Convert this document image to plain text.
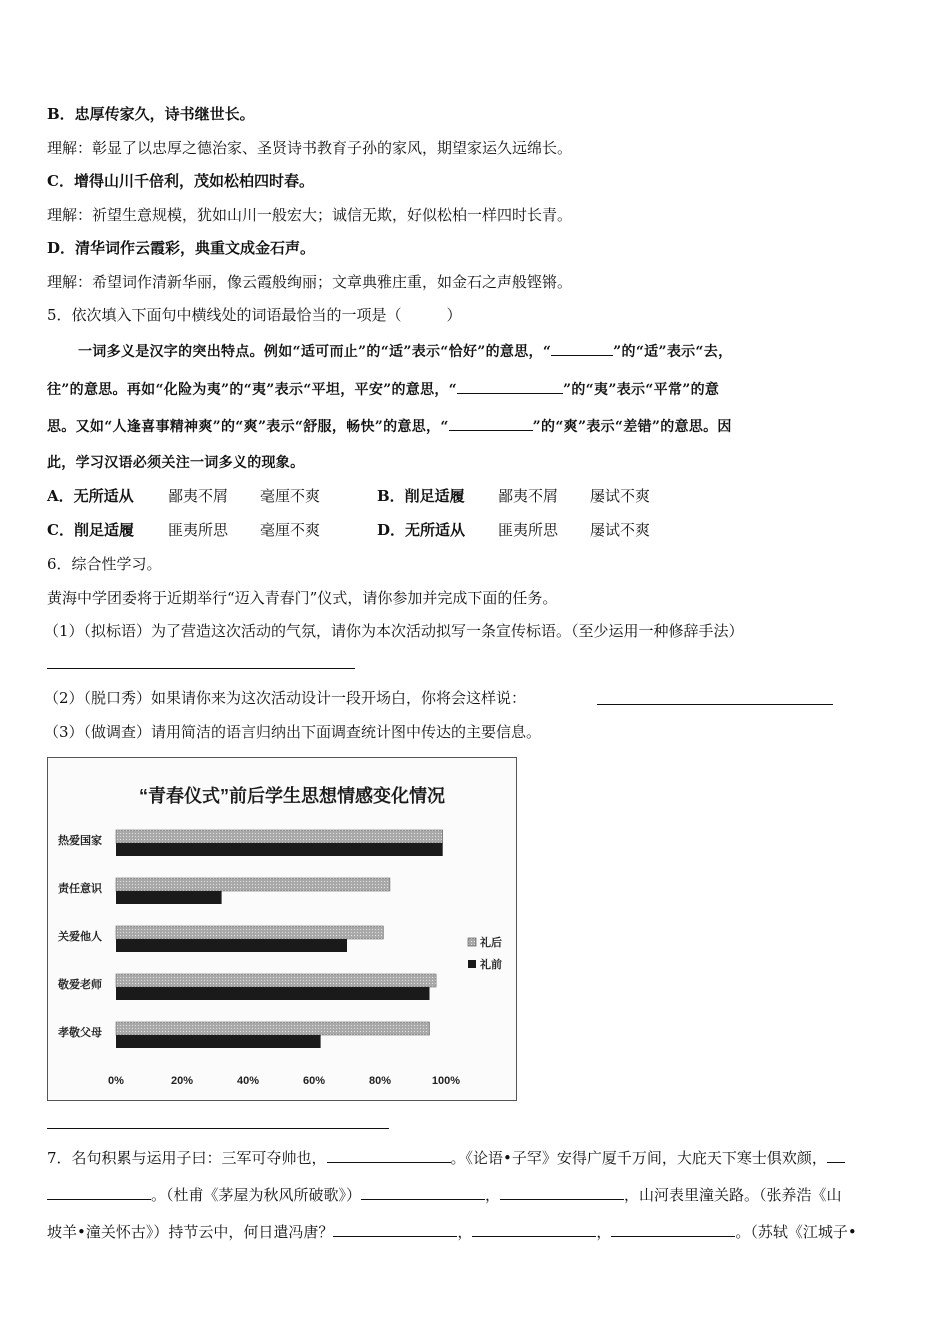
B．忠厚传家久，诗书继世长。
理解：彰显了以忠厚之德治家、圣贤诗书教育子孙的家风，期望家运久远绵长。
C．增得山川千倍利，茂如松柏四时春。
理解：祈望生意规模，犹如山川一般宏大；诚信无欺，好似松柏一样四时长青。
D．清华词作云霞彩，典重文成金石声。
理解：希望词作清新华丽，像云霞般绚丽；文章典雅庄重，如金石之声般铿锵。
5．依次填入下面句中横线处的词语最恰当的一项是（　　　）
一词多义是汉字的突出特点。例如“适可而止”的“适”表示“恰好”的意思，“	”的“适”表示“去，
往”的意思。再如“化险为夷”的“夷”表示“平坦，平安”的意思，“	”的“夷”表示“平常”的意
思。又如“人逢喜事精神爽”的“爽”表示“舒服，畅快”的意思，“	”的“爽”表示“差错”的意思。因
此，学习汉语必须关注一词多义的现象。
A．无所适从 鄙夷不屑 毫厘不爽	B．削足适履 鄙夷不屑 屡试不爽
C．削足适履 匪夷所思 毫厘不爽	D．无所适从 匪夷所思 屡试不爽
6．综合性学习。
黄海中学团委将于近期举行“迈入青春门”仪式，请你参加并完成下面的任务。
（1）（拟标语）为了营造这次活动的气氛，请你为本次活动拟写一条宣传标语。（至少运用一种修辞手法）
（2）（脱口秀）如果请你来为这次活动设计一段开场白，你将会这样说：
（3）（做调查）请用简洁的语言归纳出下面调查统计图中传达的主要信息。
“青春仪式”前后学生思想情感变化情况
热爱国家
责任意识
关爱他人
敬爱老师
孝敬父母
0%	20%	40%	60%	80%	100%
礼后
礼前
7．名句积累与运用子曰：三军可夺帅也，	。《论语•子罕》安得广厦千万间，大庇天下寒士俱欢颜，
。（杜甫《茅屋为秋风所破歌》）	，	，山河表里潼关路。（张养浩《山
坡羊•潼关怀古》）持节云中，何日遣冯唐？	，	，	。（苏轼《江城子•
